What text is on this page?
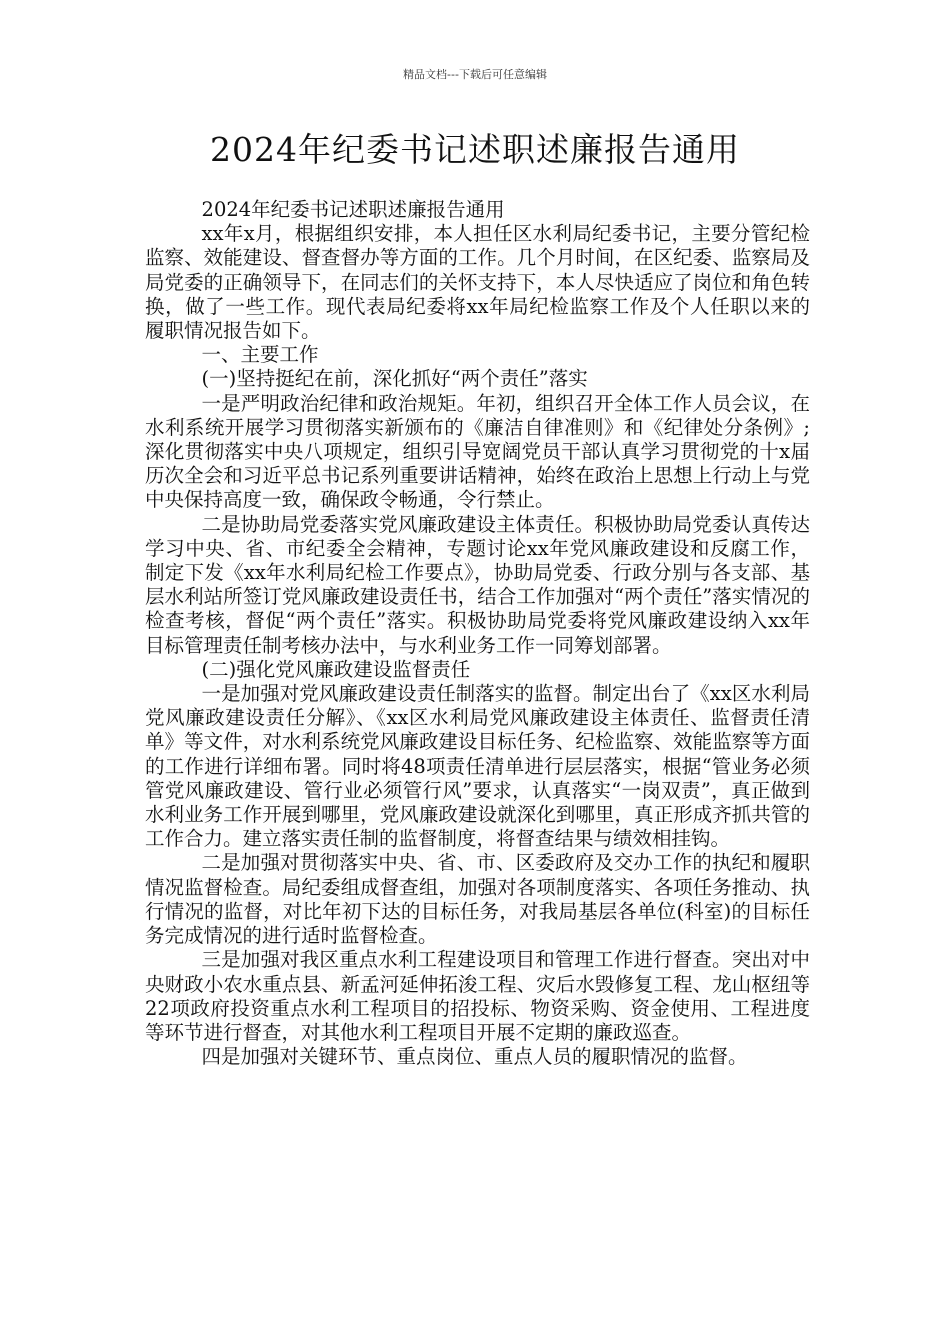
精品文档---下载后可任意编辑
2024年纪委书记述职述廉报告通用

2024年纪委书记述职述廉报告通用

xx年x月，根据组织安排，本人担任区水利局纪委书记，主要分管纪检监察、效能建设、督查督办等方面的工作。几个月时间，在区纪委、监察局及局党委的正确领导下，在同志们的关怀支持下，本人尽快适应了岗位和角色转换，做了一些工作。现代表局纪委将xx年局纪检监察工作及个人任职以来的履职情况报告如下。

一、主要工作

(一)坚持挺纪在前，深化抓好“两个责任”落实

一是严明政治纪律和政治规矩。年初，组织召开全体工作人员会议，在水利系统开展学习贯彻落实新颁布的《廉洁自律准则》和《纪律处分条例》;深化贯彻落实中央八项规定，组织引导宽阔党员干部认真学习贯彻党的十x届历次全会和习近平总书记系列重要讲话精神，始终在政治上思想上行动上与党中央保持高度一致，确保政令畅通，令行禁止。

二是协助局党委落实党风廉政建设主体责任。积极协助局党委认真传达学习中央、省、市纪委全会精神，专题讨论xx年党风廉政建设和反腐工作，制定下发《xx年水利局纪检工作要点》，协助局党委、行政分别与各支部、基层水利站所签订党风廉政建设责任书，结合工作加强对“两个责任”落实情况的检查考核，督促“两个责任”落实。积极协助局党委将党风廉政建设纳入xx年目标管理责任制考核办法中，与水利业务工作一同筹划部署。

(二)强化党风廉政建设监督责任

一是加强对党风廉政建设责任制落实的监督。制定出台了《xx区水利局党风廉政建设责任分解》、《xx区水利局党风廉政建设主体责任、监督责任清单》等文件，对水利系统党风廉政建设目标任务、纪检监察、效能监察等方面的工作进行详细布署。同时将48项责任清单进行层层落实，根据“管业务必须管党风廉政建设、管行业必须管行风”要求，认真落实“一岗双责”，真正做到水利业务工作开展到哪里，党风廉政建设就深化到哪里，真正形成齐抓共管的工作合力。建立落实责任制的监督制度，将督查结果与绩效相挂钩。

二是加强对贯彻落实中央、省、市、区委政府及交办工作的执纪和履职情况监督检查。局纪委组成督查组，加强对各项制度落实、各项任务推动、执行情况的监督，对比年初下达的目标任务，对我局基层各单位(科室)的目标任务完成情况的进行适时监督检查。

三是加强对我区重点水利工程建设项目和管理工作进行督查。突出对中央财政小农水重点县、新孟河延伸拓浚工程、灾后水毁修复工程、龙山枢纽等22项政府投资重点水利工程项目的招投标、物资采购、资金使用、工程进度等环节进行督查，对其他水利工程项目开展不定期的廉政巡查。

四是加强对关键环节、重点岗位、重点人员的履职情况的监督。
